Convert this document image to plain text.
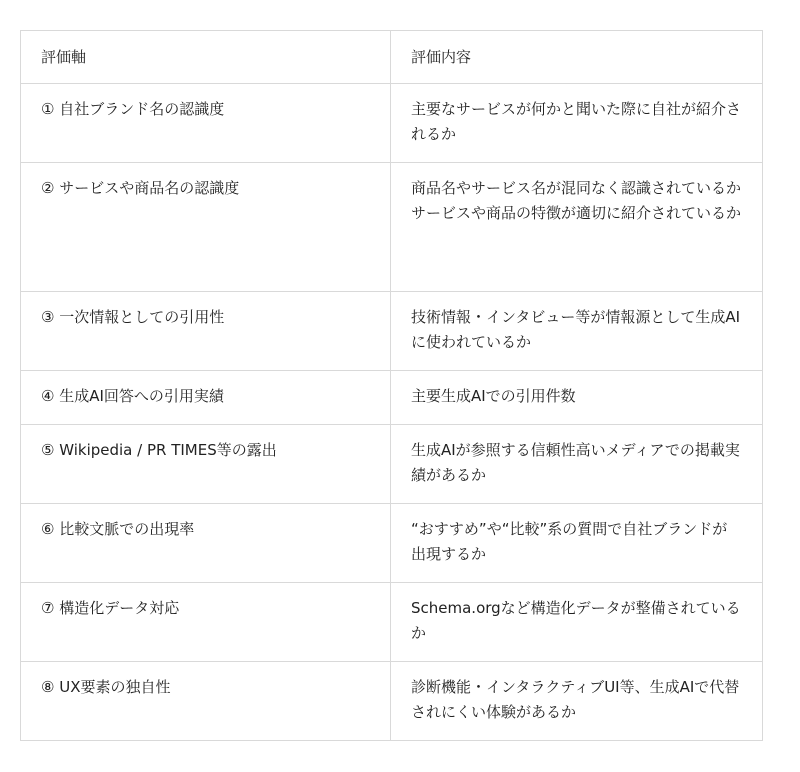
評価軸	評価内容
① 自社ブランド名の認識度	主要なサービスが何かと聞いた際に自社が紹介されるか

② サービスや商品名の認識度	商品名やサービス名が混同なく認識されているか
サービスや商品の特徴が適切に紹介されているか

③ 一次情報としての引用性	技術情報・インタビュー等が情報源として生成AIに使われているか

④ 生成AI回答への引用実績	主要生成AIでの引用件数

⑤ Wikipedia / PR TIMES等の露出	生成AIが参照する信頼性高いメディアでの掲載実績があるか

⑥ 比較文脈での出現率	“おすすめ”や“比較”系の質問で自社ブランドが出現するか

⑦ 構造化データ対応	Schema.orgなど構造化データが整備されているか

⑧ UX要素の独自性	診断機能・インタラクティブUI等、生成AIで代替されにくい体験があるか
